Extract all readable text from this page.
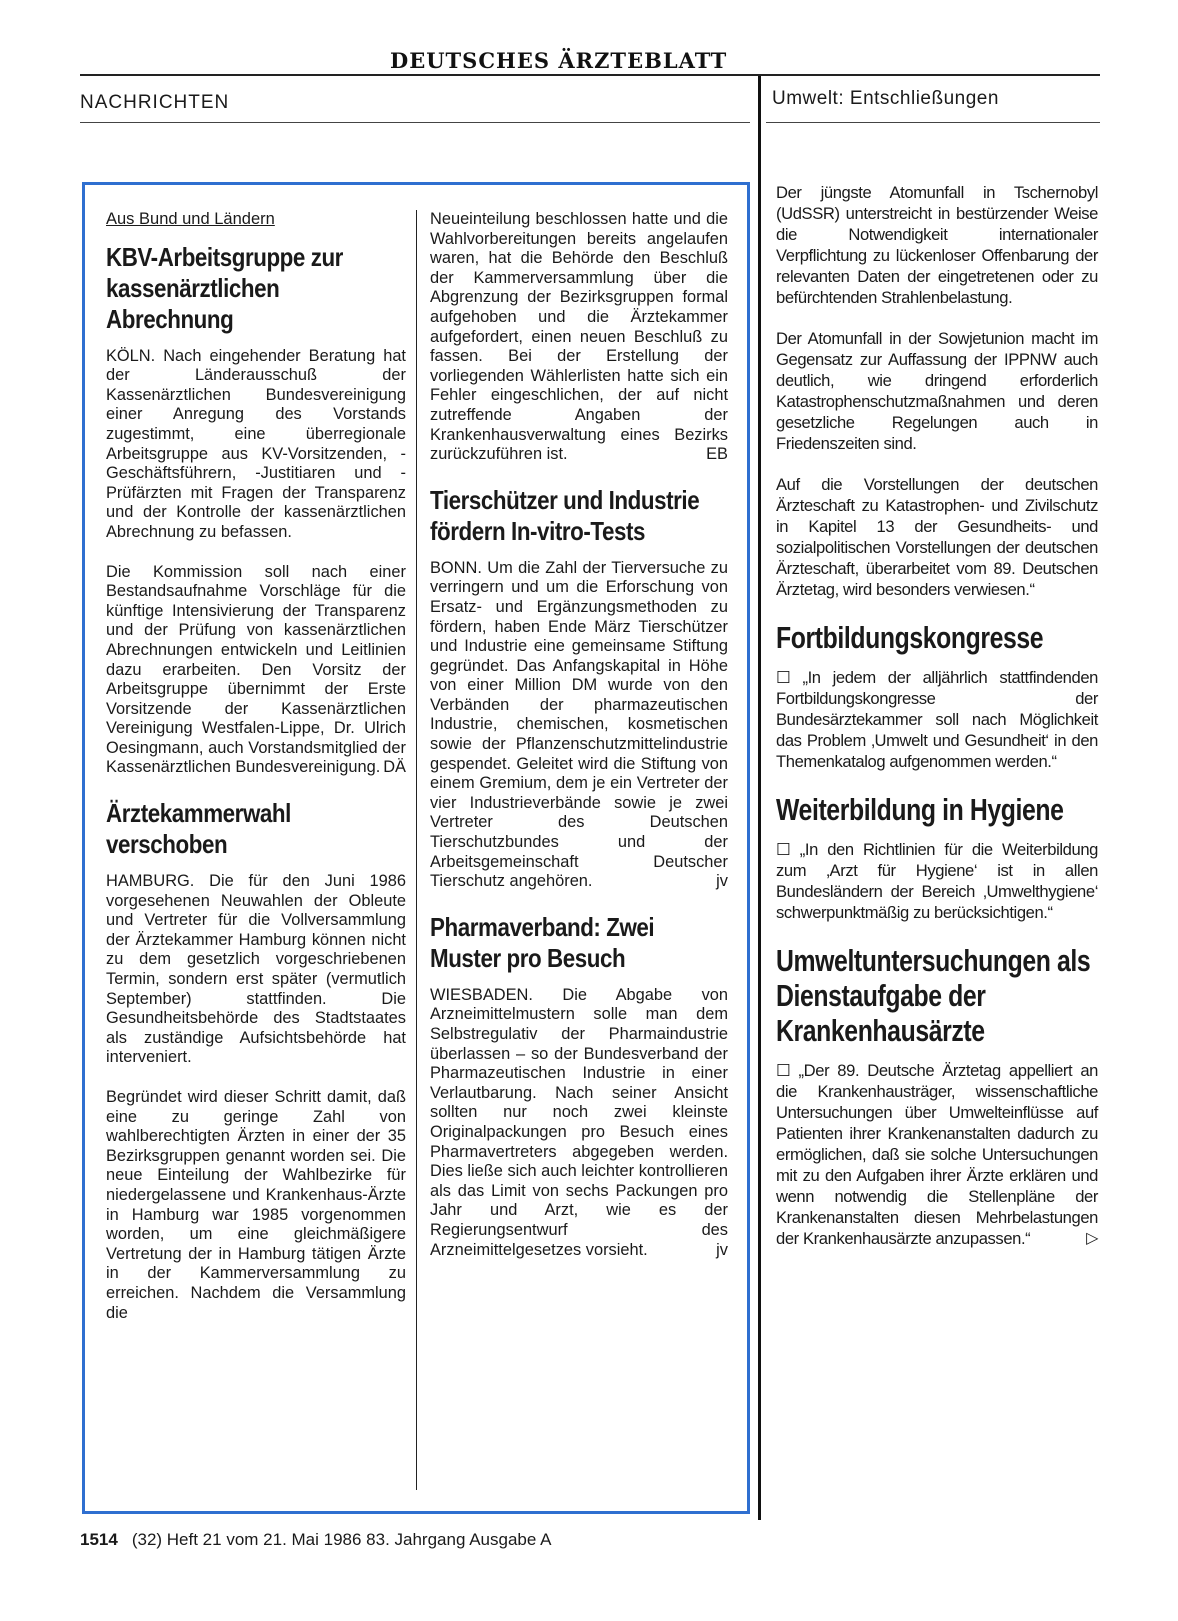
DEUTSCHES ÄRZTEBLATT
NACHRICHTEN	Umwelt: Entschließungen
Aus Bund und Ländern
KBV-Arbeitsgruppe zur kassenärztlichen Abrechnung

KÖLN. Nach eingehender Beratung hat der Länderausschuß der Kassenärztlichen Bundesvereinigung einer Anregung des Vorstands zugestimmt, eine überregionale Arbeitsgruppe aus KV-Vorsitzenden, -Geschäftsführern, -Justitiaren und -Prüfärzten mit Fragen der Transparenz und der Kontrolle der kassenärztlichen Abrechnung zu befassen.

Die Kommission soll nach einer Bestandsaufnahme Vorschläge für die künftige Intensivierung der Transparenz und der Prüfung von kassenärztlichen Abrechnungen entwickeln und Leitlinien dazu erarbeiten. Den Vorsitz der Arbeitsgruppe übernimmt der Erste Vorsitzende der Kassenärztlichen Vereinigung Westfalen-Lippe, Dr. Ulrich Oesingmann, auch Vorstandsmitglied der Kassenärztlichen Bundesvereinigung. DÄ

Ärztekammerwahl verschoben

HAMBURG. Die für den Juni 1986 vorgesehenen Neuwahlen der Obleute und Vertreter für die Vollversammlung der Ärztekammer Hamburg können nicht zu dem gesetzlich vorgeschriebenen Termin, sondern erst später (vermutlich September) stattfinden. Die Gesundheitsbehörde des Stadtstaates als zuständige Aufsichtsbehörde hat interveniert.

Begründet wird dieser Schritt damit, daß eine zu geringe Zahl von wahlberechtigten Ärzten in einer der 35 Bezirksgruppen genannt worden sei. Die neue Einteilung der Wahlbezirke für niedergelassene und Krankenhaus-Ärzte in Hamburg war 1985 vorgenommen worden, um eine gleichmäßigere Vertretung der in Hamburg tätigen Ärzte in der Kammerversammlung zu erreichen. Nachdem die Versammlung die

Neueinteilung beschlossen hatte und die Wahlvorbereitungen bereits angelaufen waren, hat die Behörde den Beschluß der Kammerversammlung über die Abgrenzung der Bezirksgruppen formal aufgehoben und die Ärztekammer aufgefordert, einen neuen Beschluß zu fassen. Bei der Erstellung der vorliegenden Wählerlisten hatte sich ein Fehler eingeschlichen, der auf nicht zutreffende Angaben der Krankenhausverwaltung eines Bezirks zurückzuführen ist.	EB

Tierschützer und Industrie fördern In-vitro-Tests

BONN. Um die Zahl der Tierversuche zu verringern und um die Erforschung von Ersatz- und Ergänzungsmethoden zu fördern, haben Ende März Tierschützer und Industrie eine gemeinsame Stiftung gegründet. Das Anfangskapital in Höhe von einer Million DM wurde von den Verbänden der pharmazeutischen Industrie, chemischen, kosmetischen sowie der Pflanzenschutzmittelindustrie gespendet. Geleitet wird die Stiftung von einem Gremium, dem je ein Vertreter der vier Industrieverbände sowie je zwei Vertreter des Deutschen Tierschutzbundes und der Arbeitsgemeinschaft Deutscher Tierschutz angehören.	jv

Pharmaverband: Zwei Muster pro Besuch

WIESBADEN. Die Abgabe von Arzneimittelmustern solle man dem Selbstregulativ der Pharmaindustrie überlassen – so der Bundesverband der Pharmazeutischen Industrie in einer Verlautbarung. Nach seiner Ansicht sollten nur noch zwei kleinste Originalpackungen pro Besuch eines Pharmavertreters abgegeben werden. Dies ließe sich auch leichter kontrollieren als das Limit von sechs Packungen pro Jahr und Arzt, wie es der Regierungsentwurf des Arzneimittelgesetzes vorsieht.	jv

Der jüngste Atomunfall in Tschernobyl (UdSSR) unterstreicht in bestürzender Weise die Notwendigkeit internationaler Verpflichtung zu lückenloser Offenbarung der relevanten Daten der eingetretenen oder zu befürchtenden Strahlenbelastung.

Der Atomunfall in der Sowjetunion macht im Gegensatz zur Auffassung der IPPNW auch deutlich, wie dringend erforderlich Katastrophenschutzmaßnahmen und deren gesetzliche Regelungen auch in Friedenszeiten sind.

Auf die Vorstellungen der deutschen Ärzteschaft zu Katastrophen- und Zivilschutz in Kapitel 13 der Gesundheits- und sozialpolitischen Vorstellungen der deutschen Ärzteschaft, überarbeitet vom 89. Deutschen Ärztetag, wird besonders verwiesen.“

Fortbildungskongresse

☐ „In jedem der alljährlich stattfindenden Fortbildungskongresse der Bundesärztekammer soll nach Möglichkeit das Problem ‚Umwelt und Gesundheit‘ in den Themenkatalog aufgenommen werden.“

Weiterbildung in Hygiene

☐ „In den Richtlinien für die Weiterbildung zum ‚Arzt für Hygiene‘ ist in allen Bundesländern der Bereich ‚Umwelthygiene‘ schwerpunktmäßig zu berücksichtigen.“

Umweltuntersuchungen als Dienstaufgabe der Krankenhausärzte

☐ „Der 89. Deutsche Ärztetag appelliert an die Krankenhausträger, wissenschaftliche Untersuchungen über Umwelteinflüsse auf Patienten ihrer Krankenanstalten dadurch zu ermöglichen, daß sie solche Untersuchungen mit zu den Aufgaben ihrer Ärzte erklären und wenn notwendig die Stellenpläne der Krankenanstalten diesen Mehrbelastungen der Krankenhausärzte anzupassen.“	▷

1514 (32) Heft 21 vom 21. Mai 1986 83. Jahrgang Ausgabe A
